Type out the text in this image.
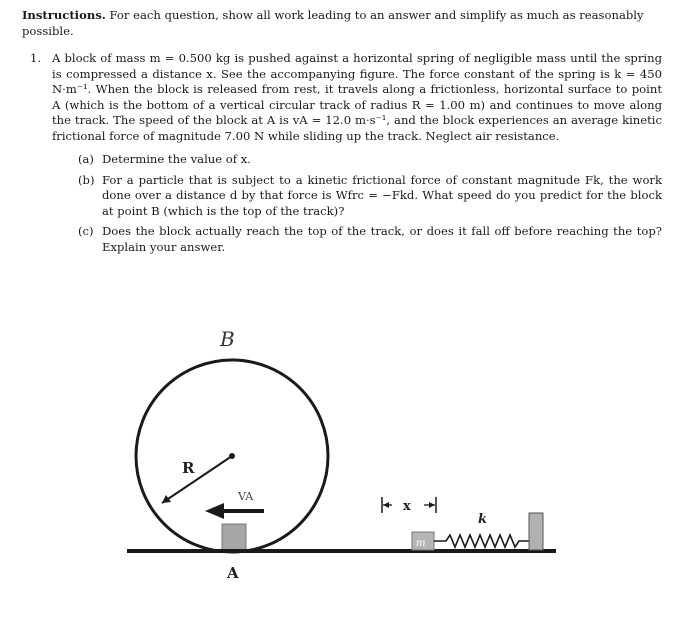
Instructions. For each question, show all work leading to an answer and simplify as much as reasonably possible.

1. A block of mass m = 0.500 kg is pushed against a horizontal spring of negligible mass until the spring is compressed a distance x. See the accompanying figure. The force constant of the spring is k = 450 N·m⁻¹. When the block is released from rest, it travels along a frictionless, horizontal surface to point A (which is the bottom of a vertical circular track of radius R = 1.00 m) and continues to move along the track. The speed of the block at A is vA = 12.0 m·s⁻¹, and the block experiences an average kinetic frictional force of magnitude 7.00 N while sliding up the track. Neglect air resistance.
(a) Determine the value of x.
(b) For a particle that is subject to a kinetic frictional force of constant magnitude Fk, the work done over a distance d by that force is Wfrc = −Fkd. What speed do you predict for the block at point B (which is the top of the track)?
(c) Does the block actually reach the top of the track, or does it fall off before reaching the top? Explain your answer.
B
R
VA
A
x
k
m
